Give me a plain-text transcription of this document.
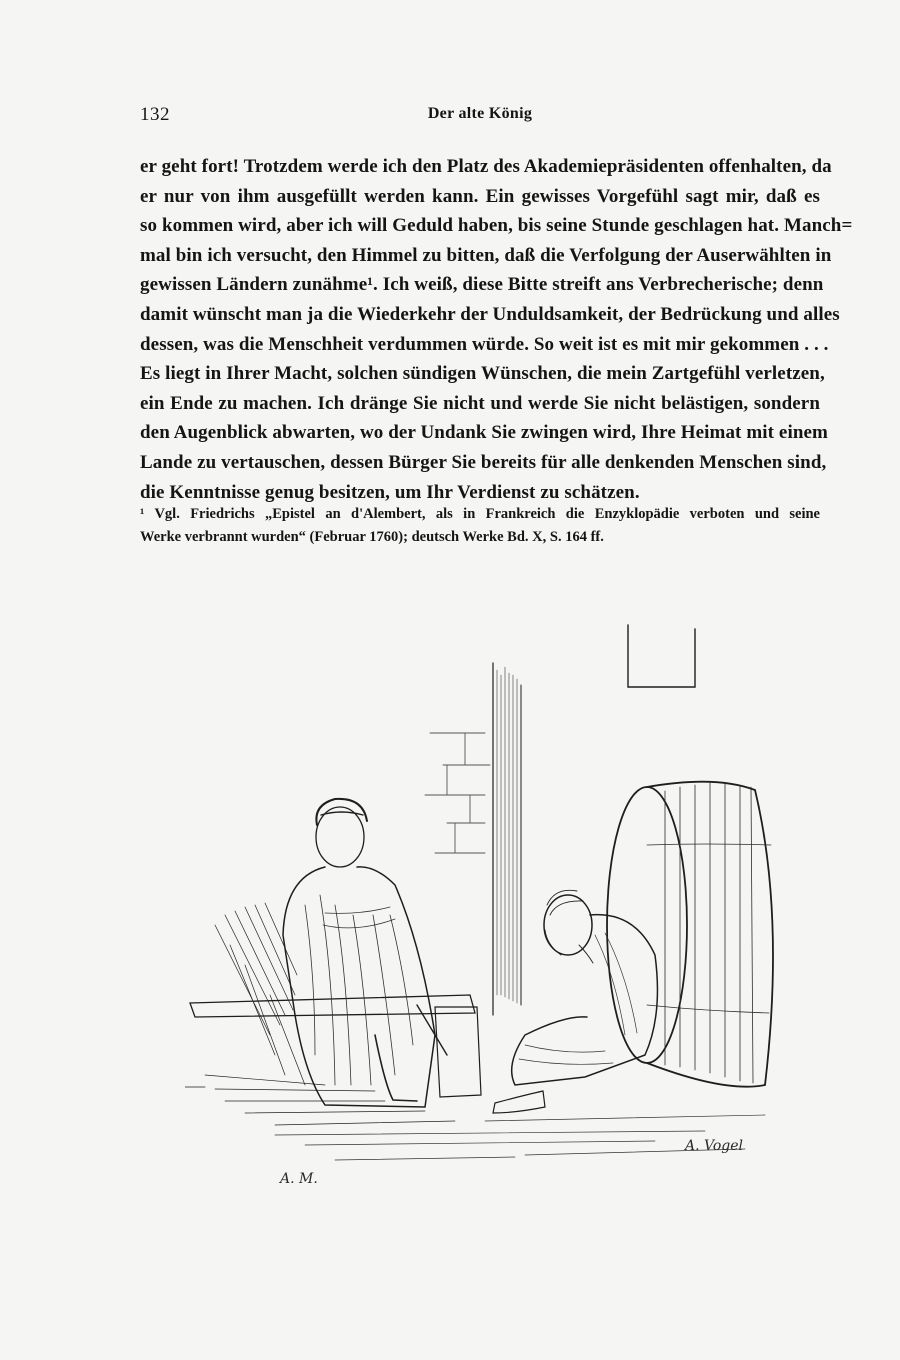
132	Der alte König
er geht fort! Trotzdem werde ich den Platz des Akademiepräsidenten offenhalten, da
er nur von ihm ausgefüllt werden kann. Ein gewisses Vorgefühl sagt mir, daß es
so kommen wird, aber ich will Geduld haben, bis seine Stunde geschlagen hat. Manch=
mal bin ich versucht, den Himmel zu bitten, daß die Verfolgung der Auserwählten in
gewissen Ländern zunähme¹. Ich weiß, diese Bitte streift ans Verbrecherische; denn
damit wünscht man ja die Wiederkehr der Unduldsamkeit, der Bedrückung und alles
dessen, was die Menschheit verdummen würde. So weit ist es mit mir gekommen . . .
Es liegt in Ihrer Macht, solchen sündigen Wünschen, die mein Zartgefühl verletzen,
ein Ende zu machen. Ich dränge Sie nicht und werde Sie nicht belästigen, sondern
den Augenblick abwarten, wo der Undank Sie zwingen wird, Ihre Heimat mit einem
Lande zu vertauschen, dessen Bürger Sie bereits für alle denkenden Menschen sind,
die Kenntnisse genug besitzen, um Ihr Verdienst zu schätzen.
¹ Vgl. Friedrichs „Epistel an d'Alembert, als in Frankreich die Enzyklopädie verboten und seine
Werke verbrannt wurden“ (Februar 1760); deutsch Werke Bd. X, S. 164 ff.
A. M.
A. Vogel
